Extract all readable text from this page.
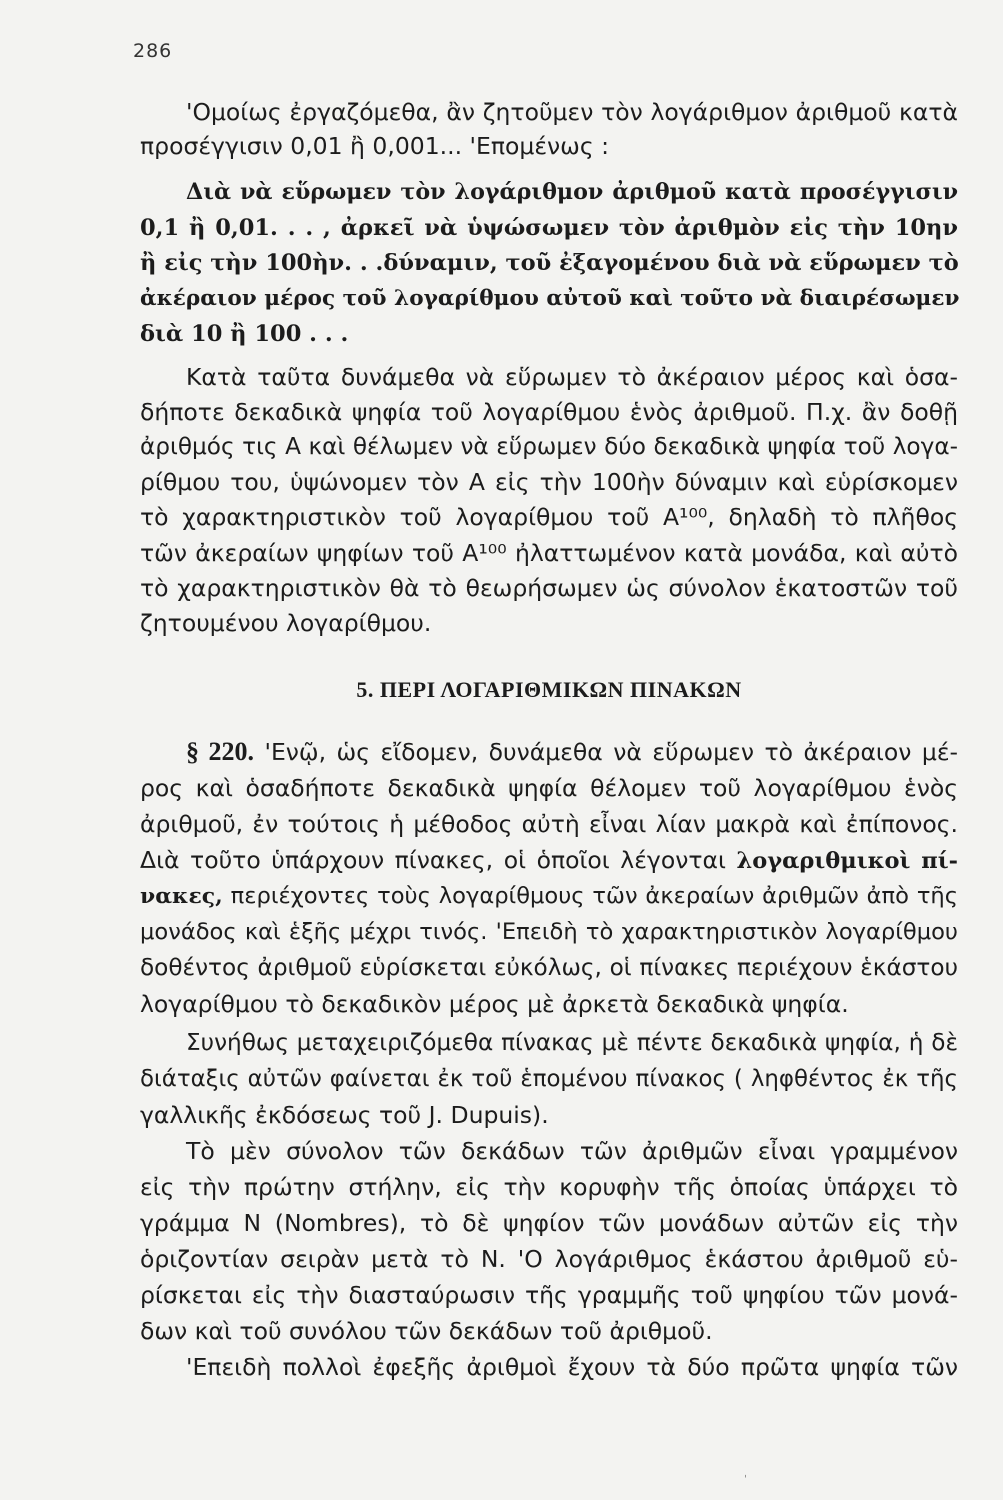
286
'Ομοίως ἐργαζόμεθα, ἂν ζητοῦμεν τὸν λογάριθμον ἀριθμοῦ κατὰ
προσέγγισιν 0,01 ἢ 0,001... 'Επομένως :
Διὰ νὰ εὕρωμεν τὸν λογάριθμον ἀριθμοῦ κατὰ προσέγγισιν
0,1 ἢ 0,01. . . , ἀρκεῖ νὰ ὑψώσωμεν τὸν ἀριθμὸν εἰς τὴν 10ην
ἢ εἰς τὴν 100ὴν. . .δύναμιν, τοῦ ἐξαγομένου διὰ νὰ εὕρωμεν τὸ
ἀκέραιον μέρος τοῦ λογαρίθμου αὐτοῦ καὶ τοῦτο νὰ διαιρέσωμεν
διὰ 10 ἢ 100 . . .
Κατὰ ταῦτα δυνάμεθα νὰ εὕρωμεν τὸ ἀκέραιον μέρος καὶ ὁσα-
δήποτε δεκαδικὰ ψηφία τοῦ λογαρίθμου ἑνὸς ἀριθμοῦ. Π.χ. ἂν δοθῇ
ἀριθμός τις Α καὶ θέλωμεν νὰ εὕρωμεν δύο δεκαδικὰ ψηφία τοῦ λογα-
ρίθμου του, ὑψώνομεν τὸν Α εἰς τὴν 100ὴν δύναμιν καὶ εὑρίσκομεν
τὸ χαρακτηριστικὸν τοῦ λογαρίθμου τοῦ Α¹⁰⁰, δηλαδὴ τὸ πλῆθος
τῶν ἀκεραίων ψηφίων τοῦ Α¹⁰⁰ ἠλαττωμένον κατὰ μονάδα, καὶ αὐτὸ
τὸ χαρακτηριστικὸν θὰ τὸ θεωρήσωμεν ὡς σύνολον ἑκατοστῶν τοῦ
ζητουμένου λογαρίθμου.
5. ΠΕΡΙ ΛΟΓΑΡΙΘΜΙΚΩΝ ΠΙΝΑΚΩΝ
§ 220. 'Ενῷ, ὡς εἴδομεν, δυνάμεθα νὰ εὕρωμεν τὸ ἀκέραιον μέ-
ρος καὶ ὁσαδήποτε δεκαδικὰ ψηφία θέλομεν τοῦ λογαρίθμου ἑνὸς
ἀριθμοῦ, ἐν τούτοις ἡ μέθοδος αὐτὴ εἶναι λίαν μακρὰ καὶ ἐπίπονος.
Διὰ τοῦτο ὑπάρχουν πίνακες, οἱ ὁποῖοι λέγονται λογαριθμικοὶ πί-
νακες, περιέχοντες τοὺς λογαρίθμους τῶν ἀκεραίων ἀριθμῶν ἀπὸ τῆς
μονάδος καὶ ἑξῆς μέχρι τινός. 'Επειδὴ τὸ χαρακτηριστικὸν λογαρίθμου
δοθέντος ἀριθμοῦ εὑρίσκεται εὐκόλως, οἱ πίνακες περιέχουν ἑκάστου
λογαρίθμου τὸ δεκαδικὸν μέρος μὲ ἀρκετὰ δεκαδικὰ ψηφία.
Συνήθως μεταχειριζόμεθα πίνακας μὲ πέντε δεκαδικὰ ψηφία, ἡ δὲ
διάταξις αὐτῶν φαίνεται ἐκ τοῦ ἑπομένου πίνακος ( ληφθέντος ἐκ τῆς
γαλλικῆς ἐκδόσεως τοῦ J. Dupuis).
Τὸ μὲν σύνολον τῶν δεκάδων τῶν ἀριθμῶν εἶναι γραμμένον
εἰς τὴν πρώτην στήλην, εἰς τὴν κορυφὴν τῆς ὁποίας ὑπάρχει τὸ
γράμμα Ν (Nombres), τὸ δὲ ψηφίον τῶν μονάδων αὐτῶν εἰς τὴν
ὁριζοντίαν σειρὰν μετὰ τὸ Ν. 'Ο λογάριθμος ἑκάστου ἀριθμοῦ εὑ-
ρίσκεται εἰς τὴν διασταύρωσιν τῆς γραμμῆς τοῦ ψηφίου τῶν μονά-
δων καὶ τοῦ συνόλου τῶν δεκάδων τοῦ ἀριθμοῦ.
'Επειδὴ πολλοὶ ἐφεξῆς ἀριθμοὶ ἔχουν τὰ δύο πρῶτα ψηφία τῶν
ˌ
